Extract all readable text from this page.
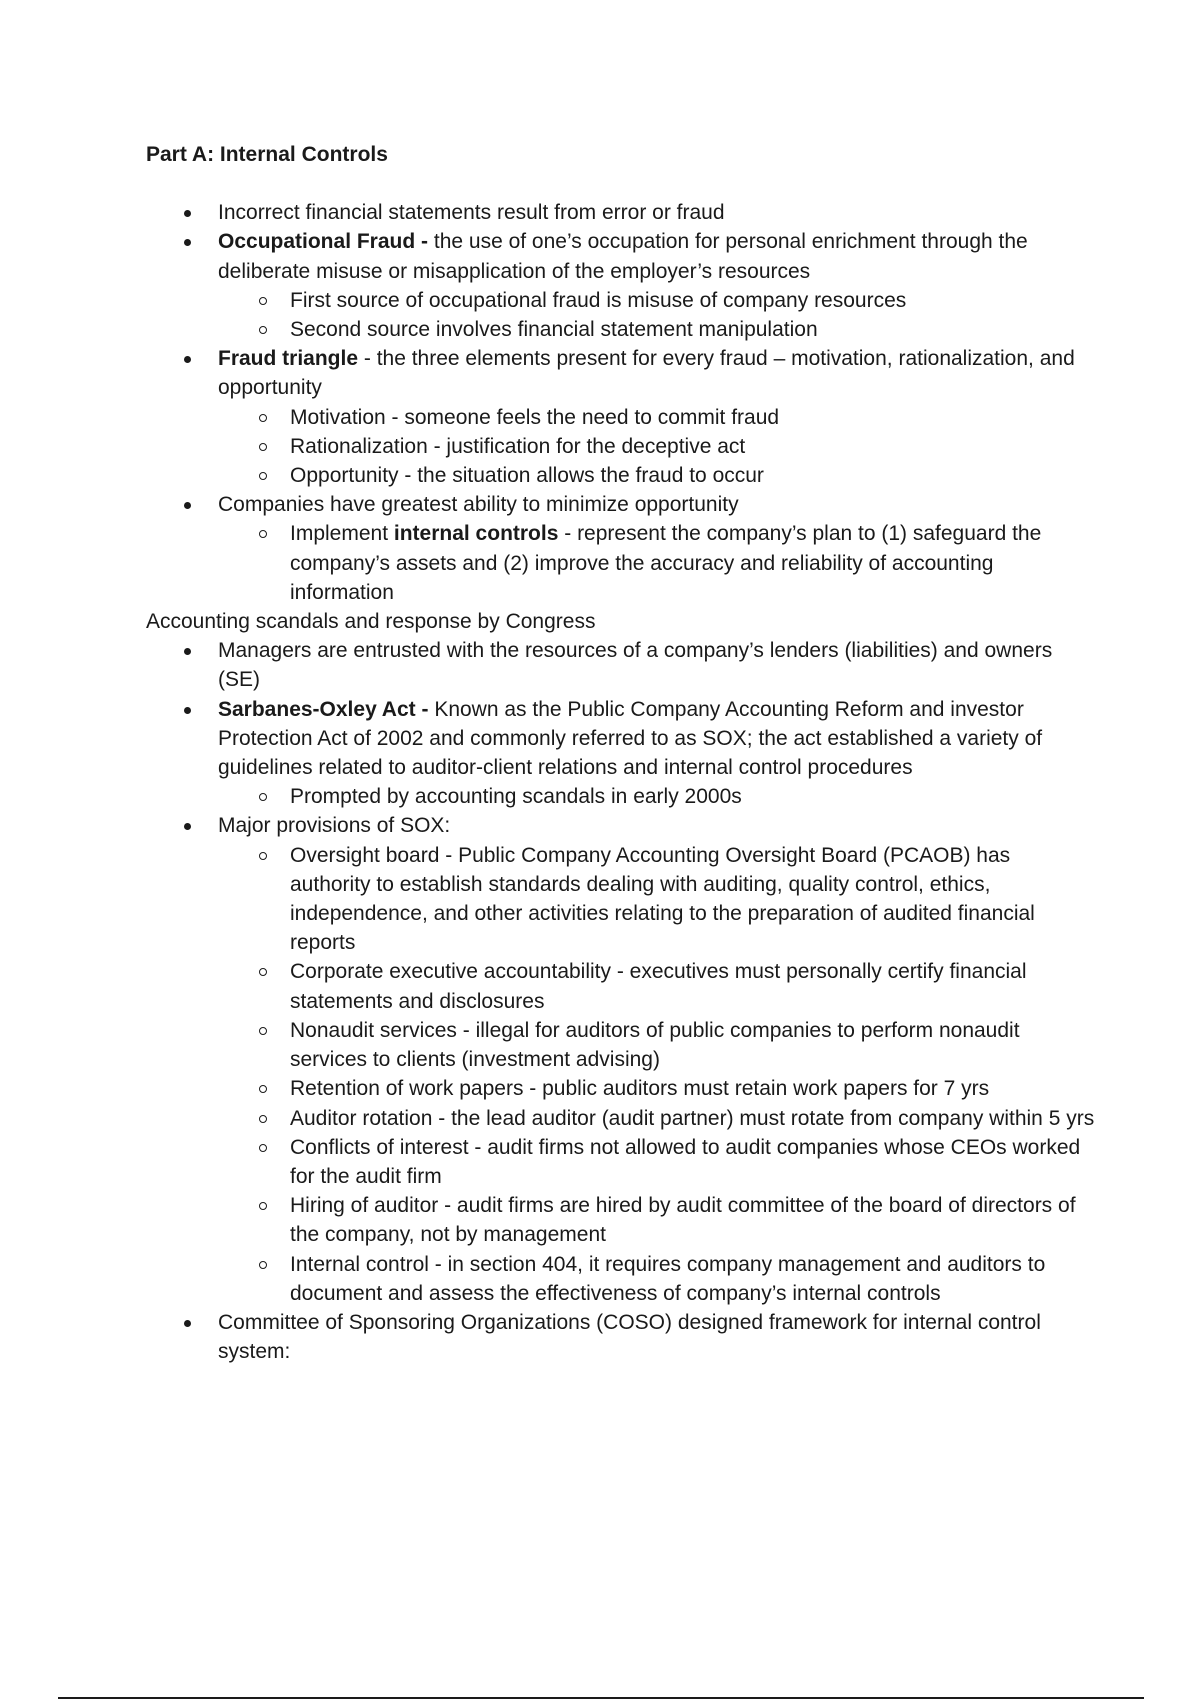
Part A: Internal Controls

Incorrect financial statements result from error or fraud
Occupational Fraud - the use of one’s occupation for personal enrichment through the deliberate misuse or misapplication of the employer’s resources
First source of occupational fraud is misuse of company resources
Second source involves financial statement manipulation
Fraud triangle - the three elements present for every fraud – motivation, rationalization, and opportunity
Motivation - someone feels the need to commit fraud
Rationalization - justification for the deceptive act
Opportunity - the situation allows the fraud to occur
Companies have greatest ability to minimize opportunity
Implement internal controls - represent the company’s plan to (1) safeguard the company’s assets and (2) improve the accuracy and reliability of accounting information

Accounting scandals and response by Congress

Managers are entrusted with the resources of a company’s lenders (liabilities) and owners (SE)
Sarbanes-Oxley Act - Known as the Public Company Accounting Reform and investor Protection Act of 2002 and commonly referred to as SOX; the act established a variety of guidelines related to auditor-client relations and internal control procedures
Prompted by accounting scandals in early 2000s
Major provisions of SOX:
Oversight board - Public Company Accounting Oversight Board (PCAOB) has authority to establish standards dealing with auditing, quality control, ethics, independence, and other activities relating to the preparation of audited financial reports
Corporate executive accountability - executives must personally certify financial statements and disclosures
Nonaudit services - illegal for auditors of public companies to perform nonaudit services to clients (investment advising)
Retention of work papers - public auditors must retain work papers for 7 yrs
Auditor rotation - the lead auditor (audit partner) must rotate from company within 5 yrs
Conflicts of interest - audit firms not allowed to audit companies whose CEOs worked for the audit firm
Hiring of auditor - audit firms are hired by audit committee of the board of directors of the company, not by management
Internal control - in section 404, it requires company management and auditors to document and assess the effectiveness of company’s internal controls
Committee of Sponsoring Organizations (COSO) designed framework for internal control system:
